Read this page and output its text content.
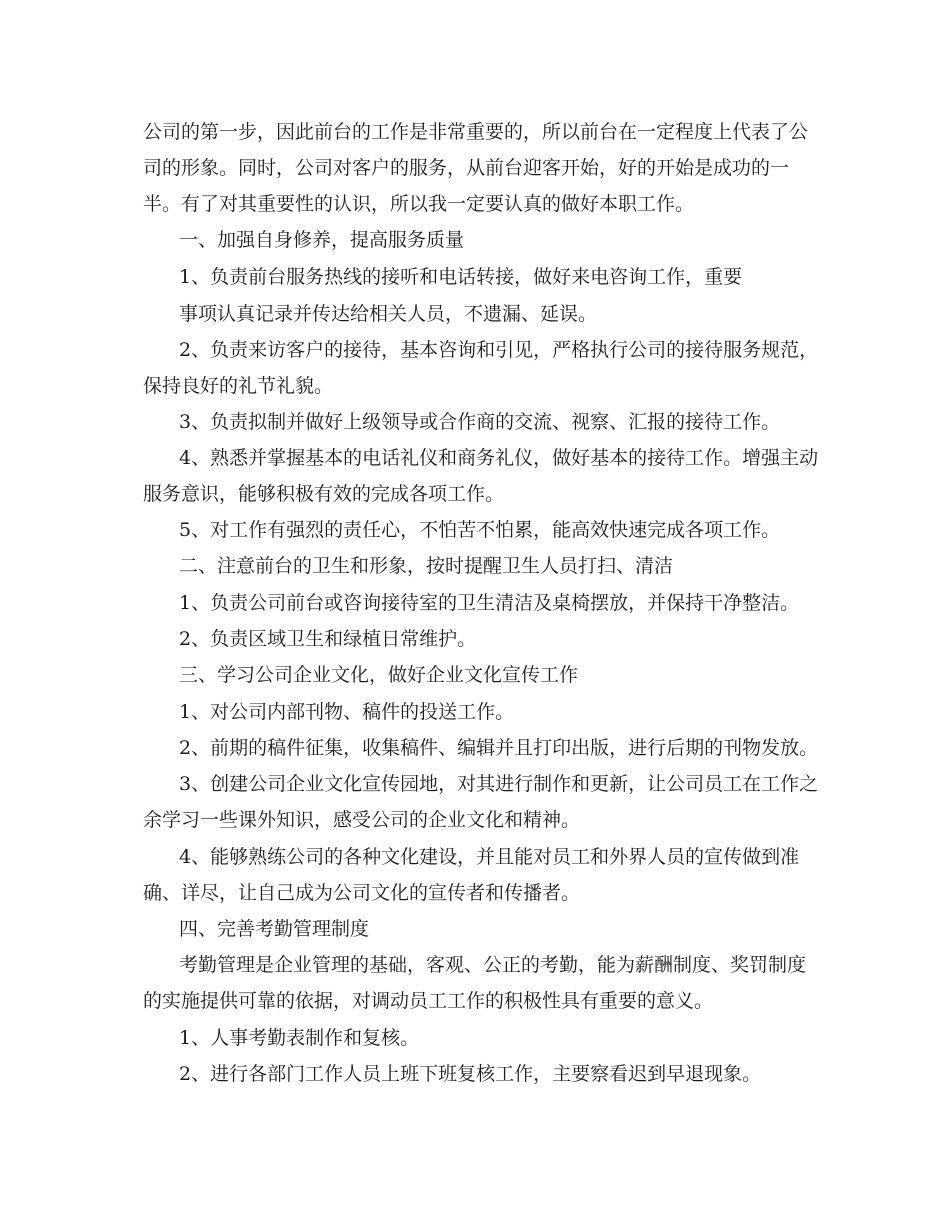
公司的第一步，因此前台的工作是非常重要的，所以前台在一定程度上代表了公
司的形象。同时，公司对客户的服务，从前台迎客开始，好的开始是成功的一
半。有了对其重要性的认识，所以我一定要认真的做好本职工作。
一、加强自身修养，提高服务质量
1、负责前台服务热线的接听和电话转接，做好来电咨询工作，重要
事项认真记录并传达给相关人员，不遗漏、延误。
2、负责来访客户的接待，基本咨询和引见，严格执行公司的接待服务规范，
保持良好的礼节礼貌。
3、负责拟制并做好上级领导或合作商的交流、视察、汇报的接待工作。
4、熟悉并掌握基本的电话礼仪和商务礼仪，做好基本的接待工作。增强主动
服务意识，能够积极有效的完成各项工作。
5、对工作有强烈的责任心，不怕苦不怕累，能高效快速完成各项工作。
二、注意前台的卫生和形象，按时提醒卫生人员打扫、清洁
1、负责公司前台或咨询接待室的卫生清洁及桌椅摆放，并保持干净整洁。
2、负责区域卫生和绿植日常维护。
三、学习公司企业文化，做好企业文化宣传工作
1、对公司内部刊物、稿件的投送工作。
2、前期的稿件征集，收集稿件、编辑并且打印出版，进行后期的刊物发放。
3、创建公司企业文化宣传园地，对其进行制作和更新，让公司员工在工作之
余学习一些课外知识，感受公司的企业文化和精神。
4、能够熟练公司的各种文化建设，并且能对员工和外界人员的宣传做到准
确、详尽，让自己成为公司文化的宣传者和传播者。
四、完善考勤管理制度
考勤管理是企业管理的基础，客观、公正的考勤，能为薪酬制度、奖罚制度
的实施提供可靠的依据，对调动员工工作的积极性具有重要的意义。
1、人事考勤表制作和复核。
2、进行各部门工作人员上班下班复核工作，主要察看迟到早退现象。
